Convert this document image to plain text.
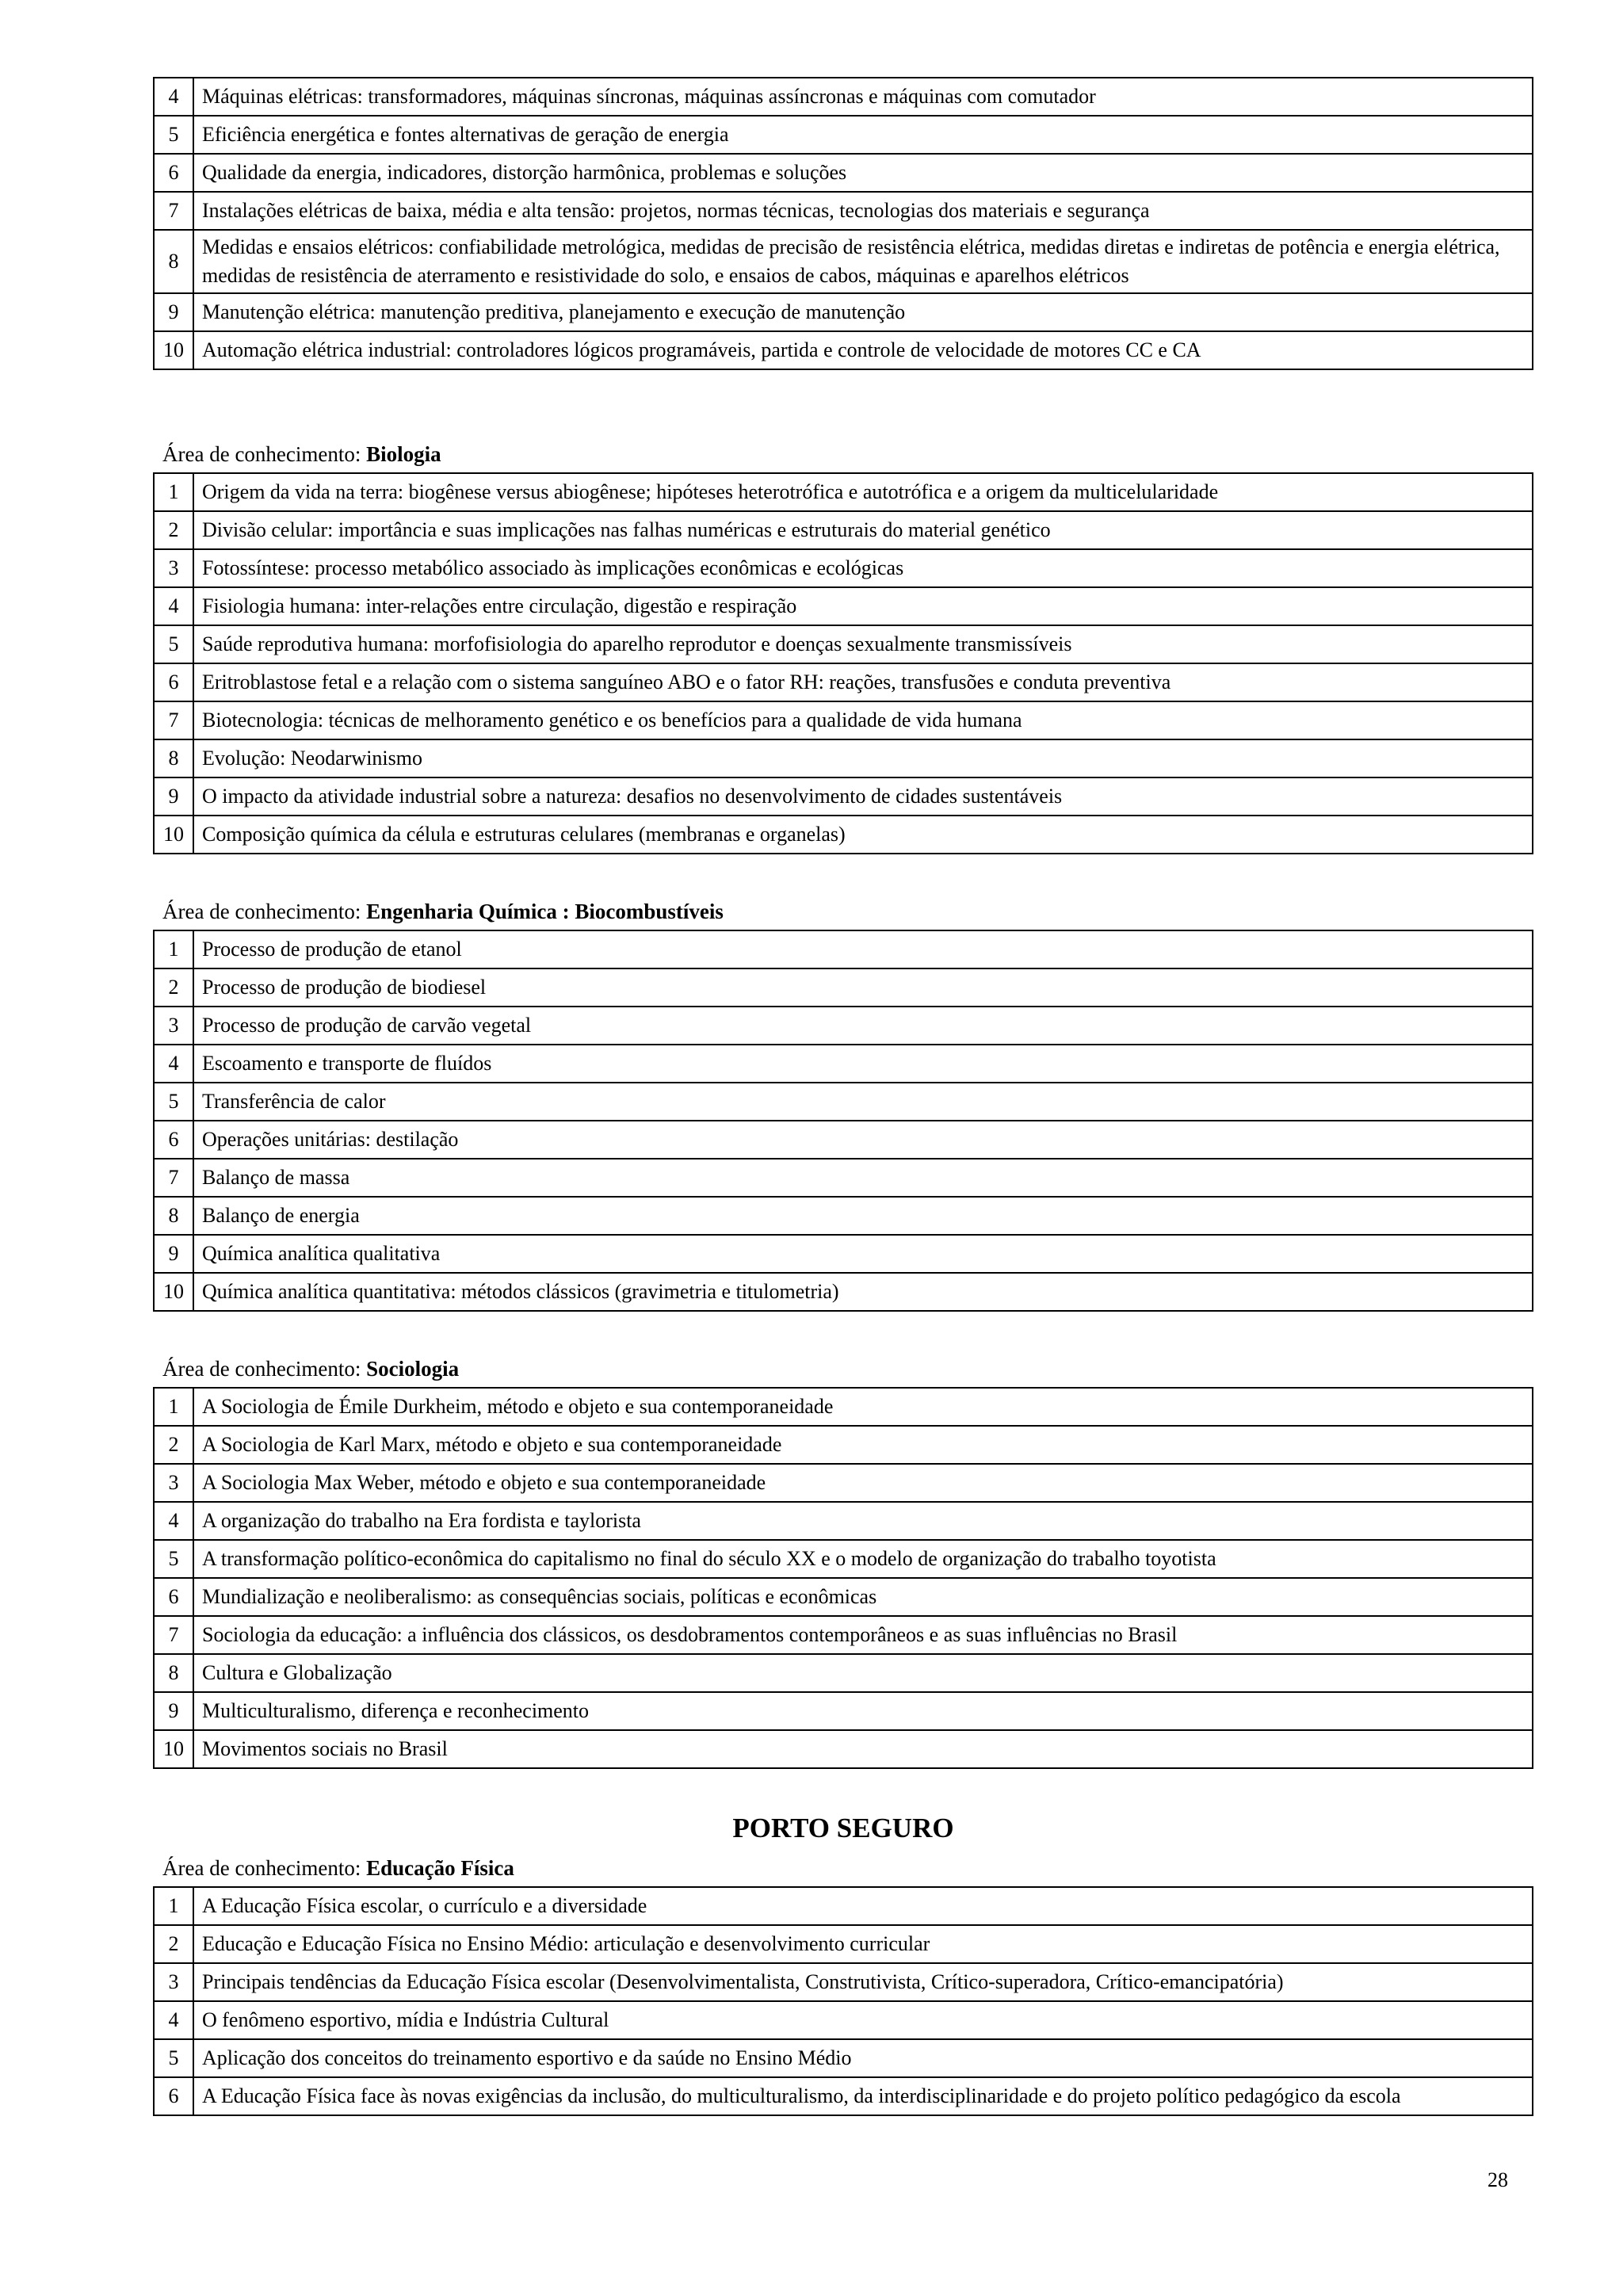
4	Máquinas elétricas: transformadores, máquinas síncronas, máquinas assíncronas e máquinas com comutador
5	Eficiência energética e fontes alternativas de geração de energia
6	Qualidade da energia, indicadores, distorção harmônica, problemas e soluções
7	Instalações elétricas de baixa, média e alta tensão: projetos, normas técnicas, tecnologias dos materiais e segurança
8	Medidas e ensaios elétricos: confiabilidade metrológica, medidas de precisão de resistência elétrica, medidas diretas e indiretas de potência e energia elétrica, medidas de resistência de aterramento e resistividade do solo, e ensaios de cabos, máquinas e aparelhos elétricos
9	Manutenção elétrica: manutenção preditiva, planejamento e execução de manutenção
10	Automação elétrica industrial: controladores lógicos programáveis, partida e controle de velocidade de motores CC e CA
Área de conhecimento: Biologia
1	Origem da vida na terra: biogênese versus abiogênese; hipóteses heterotrófica e autotrófica e a origem da multicelularidade
2	Divisão celular: importância e suas implicações nas falhas numéricas e estruturais do material genético
3	Fotossíntese: processo metabólico associado às implicações econômicas e ecológicas
4	Fisiologia humana: inter-relações entre circulação, digestão e respiração
5	Saúde reprodutiva humana: morfofisiologia do aparelho reprodutor e doenças sexualmente transmissíveis
6	Eritroblastose fetal e a relação com o sistema sanguíneo ABO e o fator RH: reações, transfusões e conduta preventiva
7	Biotecnologia: técnicas de melhoramento genético e os benefícios para a qualidade de vida humana
8	Evolução: Neodarwinismo
9	O impacto da atividade industrial sobre a natureza: desafios no desenvolvimento de cidades sustentáveis
10	Composição química da célula e estruturas celulares (membranas e organelas)
Área de conhecimento: Engenharia Química : Biocombustíveis
1	Processo de produção de etanol
2	Processo de produção de biodiesel
3	Processo de produção de carvão vegetal
4	Escoamento e transporte de fluídos
5	Transferência de calor
6	Operações unitárias: destilação
7	Balanço de massa
8	Balanço de energia
9	Química analítica qualitativa
10	Química analítica quantitativa: métodos clássicos (gravimetria e titulometria)
Área de conhecimento: Sociologia
1	A Sociologia de Émile Durkheim, método e objeto e sua contemporaneidade
2	A Sociologia de Karl Marx, método e objeto e sua contemporaneidade
3	A Sociologia Max Weber, método e objeto e sua contemporaneidade
4	A organização do trabalho na Era fordista e taylorista
5	A transformação político-econômica do capitalismo no final do século XX e o modelo de organização do trabalho toyotista
6	Mundialização e neoliberalismo: as consequências sociais, políticas e econômicas
7	Sociologia da educação: a influência dos clássicos, os desdobramentos contemporâneos e as suas influências no Brasil
8	Cultura e Globalização
9	Multiculturalismo, diferença e reconhecimento
10	Movimentos sociais no Brasil
PORTO SEGURO
Área de conhecimento: Educação Física
1	A Educação Física escolar, o currículo e a diversidade
2	Educação e Educação Física no Ensino Médio: articulação e desenvolvimento curricular
3	Principais tendências da Educação Física escolar (Desenvolvimentalista, Construtivista, Crítico-superadora, Crítico-emancipatória)
4	O fenômeno esportivo, mídia e Indústria Cultural
5	Aplicação dos conceitos do treinamento esportivo e da saúde no Ensino Médio
6	A Educação Física face às novas exigências da inclusão, do multiculturalismo, da interdisciplinaridade e do projeto político pedagógico da escola
28
